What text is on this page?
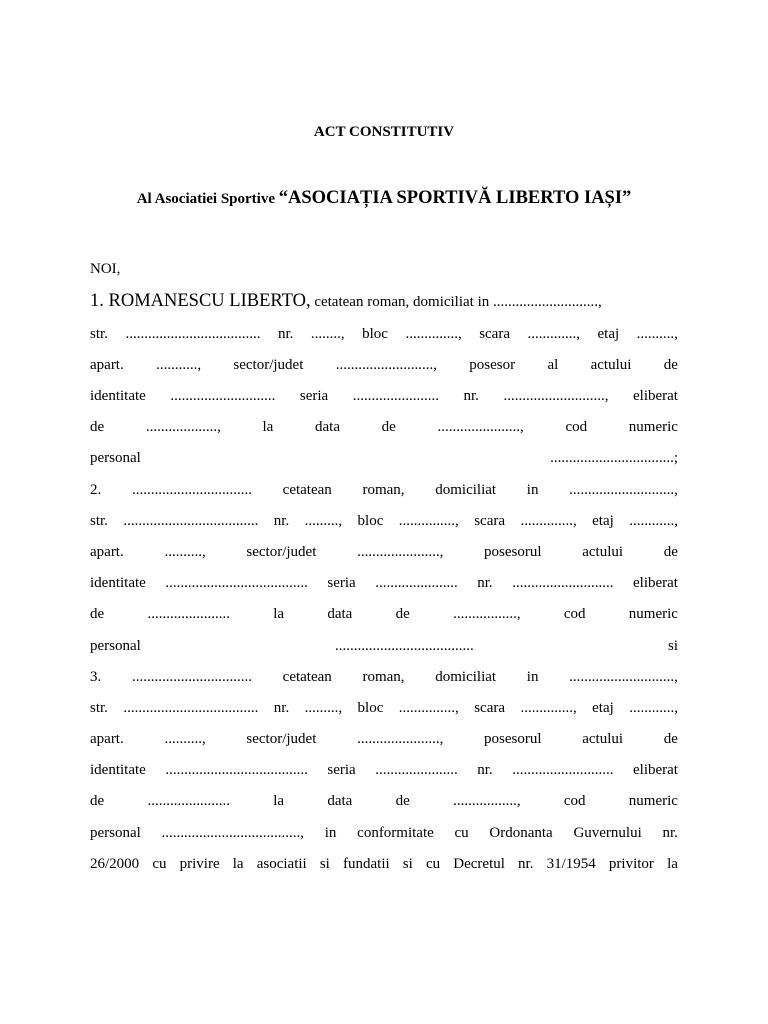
ACT CONSTITUTIV
Al Asociatiei Sportive “ASOCIAȚIA SPORTIVĂ LIBERTO IAȘI”
NOI,
1. ROMANESCU LIBERTO, cetatean roman, domiciliat in ............................,
str. .................................... nr. ........, bloc .............., scara ............., etaj ..........,
apart. ..........., sector/judet .........................., posesor al actului de
identitate ............................ seria ....................... nr. ..........................., eliberat
de	...................,	la	data	de	......................,	cod	numeric
personal	.................................;
2. ................................ cetatean roman, domiciliat in ............................,
str. .................................... nr. ........., bloc ..............., scara .............., etaj ............,
apart.	..........,	sector/judet	......................,	posesorul	actului	de
identitate ...................................... seria ...................... nr. ........................... eliberat
de	......................	la	data	de	.................,	cod	numeric
personal	.....................................	si
3. ................................ cetatean roman, domiciliat in ............................,
str. .................................... nr. ........., bloc ..............., scara .............., etaj ............,
apart.	..........,	sector/judet	......................,	posesorul	actului	de
identitate ...................................... seria ...................... nr. ........................... eliberat
de	......................	la	data	de	.................,	cod	numeric
personal ....................................., in conformitate cu Ordonanta Guvernului nr.
26/2000 cu privire la asociatii si fundatii si cu Decretul nr. 31/1954 privitor la
